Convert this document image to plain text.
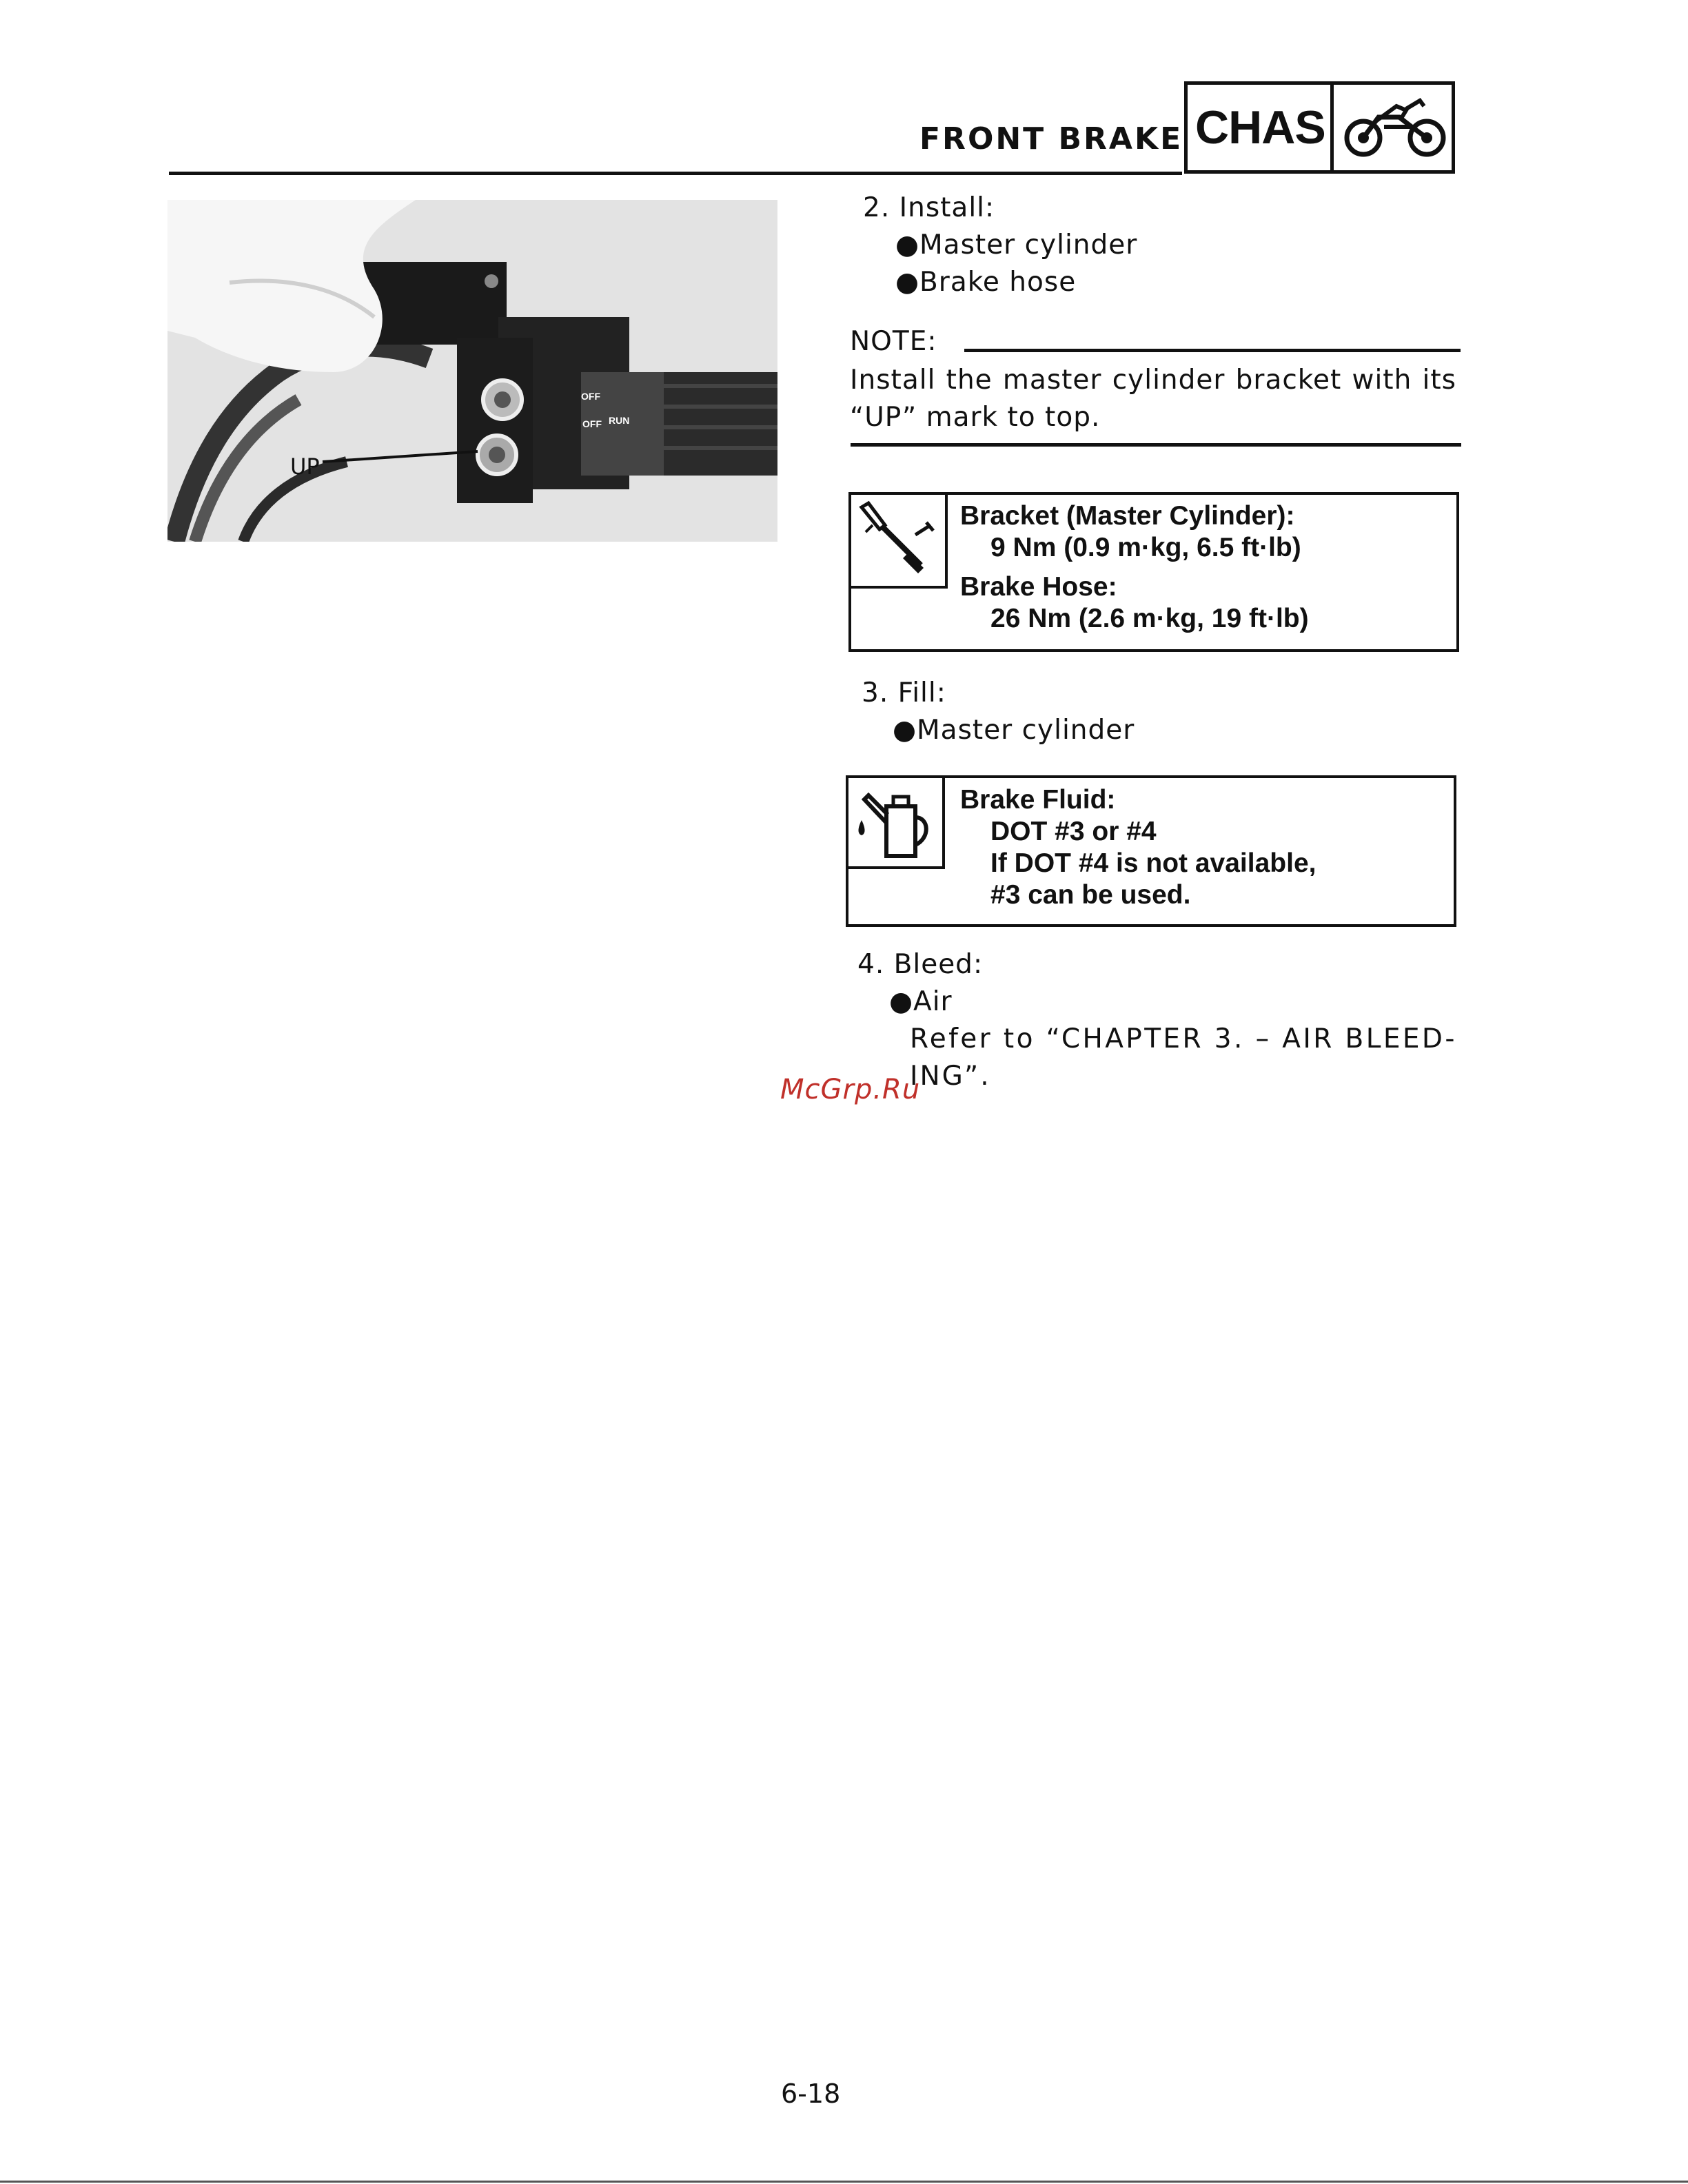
FRONT BRAKE CHAS
OFF
RUN
OFF
UP
2. Install:
●Master cylinder
●Brake hose
NOTE:
Install the master cylinder bracket with its “UP” mark to top.
Bracket (Master Cylinder):
9 Nm (0.9 m·kg, 6.5 ft·lb)
Brake Hose:
26 Nm (2.6 m·kg, 19 ft·lb)
3. Fill:
●Master cylinder
Brake Fluid:
DOT #3 or #4
If DOT #4 is not available,
#3 can be used.
4. Bleed:
●Air
Refer to “CHAPTER 3. – AIR BLEED-
ING”.
McGrp.Ru
6-18
